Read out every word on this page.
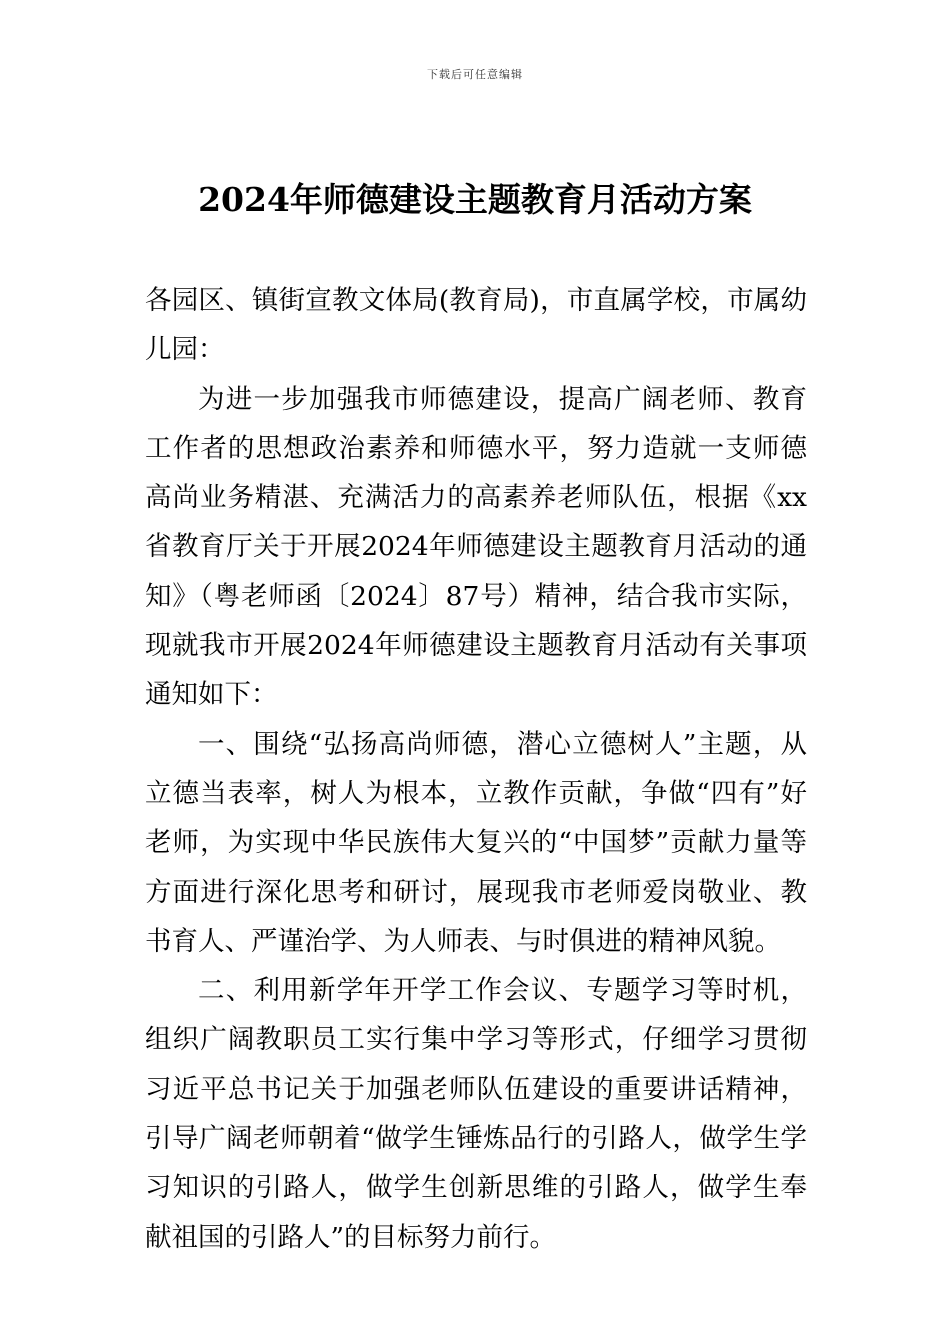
下载后可任意编辑
2024年师德建设主题教育月活动方案

各园区、镇街宣教文体局(教育局)，市直属学校，市属幼儿园：

为进一步加强我市师德建设，提高广阔老师、教育工作者的思想政治素养和师德水平，努力造就一支师德高尚业务精湛、充满活力的高素养老师队伍，根据《xx省教育厅关于开展2024年师德建设主题教育月活动的通知》（粤老师函〔2024〕87号）精神，结合我市实际，现就我市开展2024年师德建设主题教育月活动有关事项通知如下：

一、围绕“弘扬高尚师德，潜心立德树人”主题，从立德当表率，树人为根本，立教作贡献，争做“四有”好老师，为实现中华民族伟大复兴的“中国梦”贡献力量等方面进行深化思考和研讨，展现我市老师爱岗敬业、教书育人、严谨治学、为人师表、与时俱进的精神风貌。

二、利用新学年开学工作会议、专题学习等时机，组织广阔教职员工实行集中学习等形式，仔细学习贯彻习近平总书记关于加强老师队伍建设的重要讲话精神，引导广阔老师朝着“做学生锤炼品行的引路人，做学生学习知识的引路人，做学生创新思维的引路人，做学生奉献祖国的引路人”的目标努力前行。
